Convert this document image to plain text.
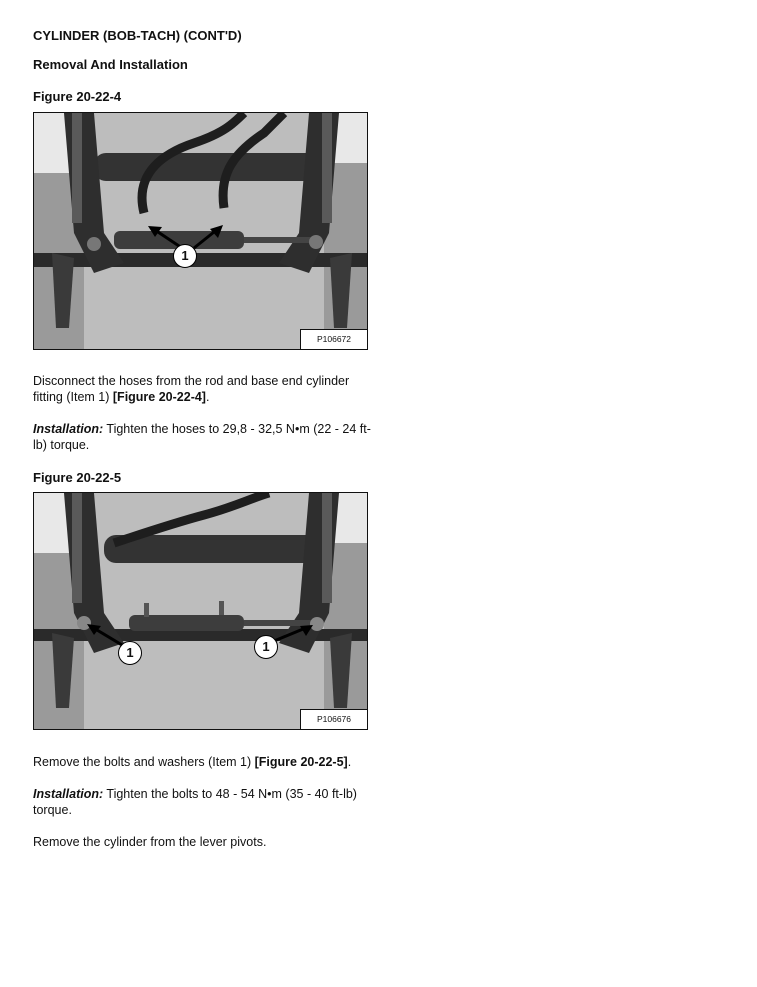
CYLINDER (BOB-TACH) (CONT'D)
Removal And Installation
Figure 20-22-4
1
P106672
Disconnect the hoses from the rod and base end cylinder fitting (Item 1) [Figure 20-22-4].
Installation: Tighten the hoses to 29,8 - 32,5 N•m (22 - 24 ft-lb) torque.
Figure 20-22-5
1	1
P106676
Remove the bolts and washers (Item 1) [Figure 20-22-5].
Installation: Tighten the bolts to 48 - 54 N•m (35 - 40 ft-lb) torque.
Remove the cylinder from the lever pivots.
